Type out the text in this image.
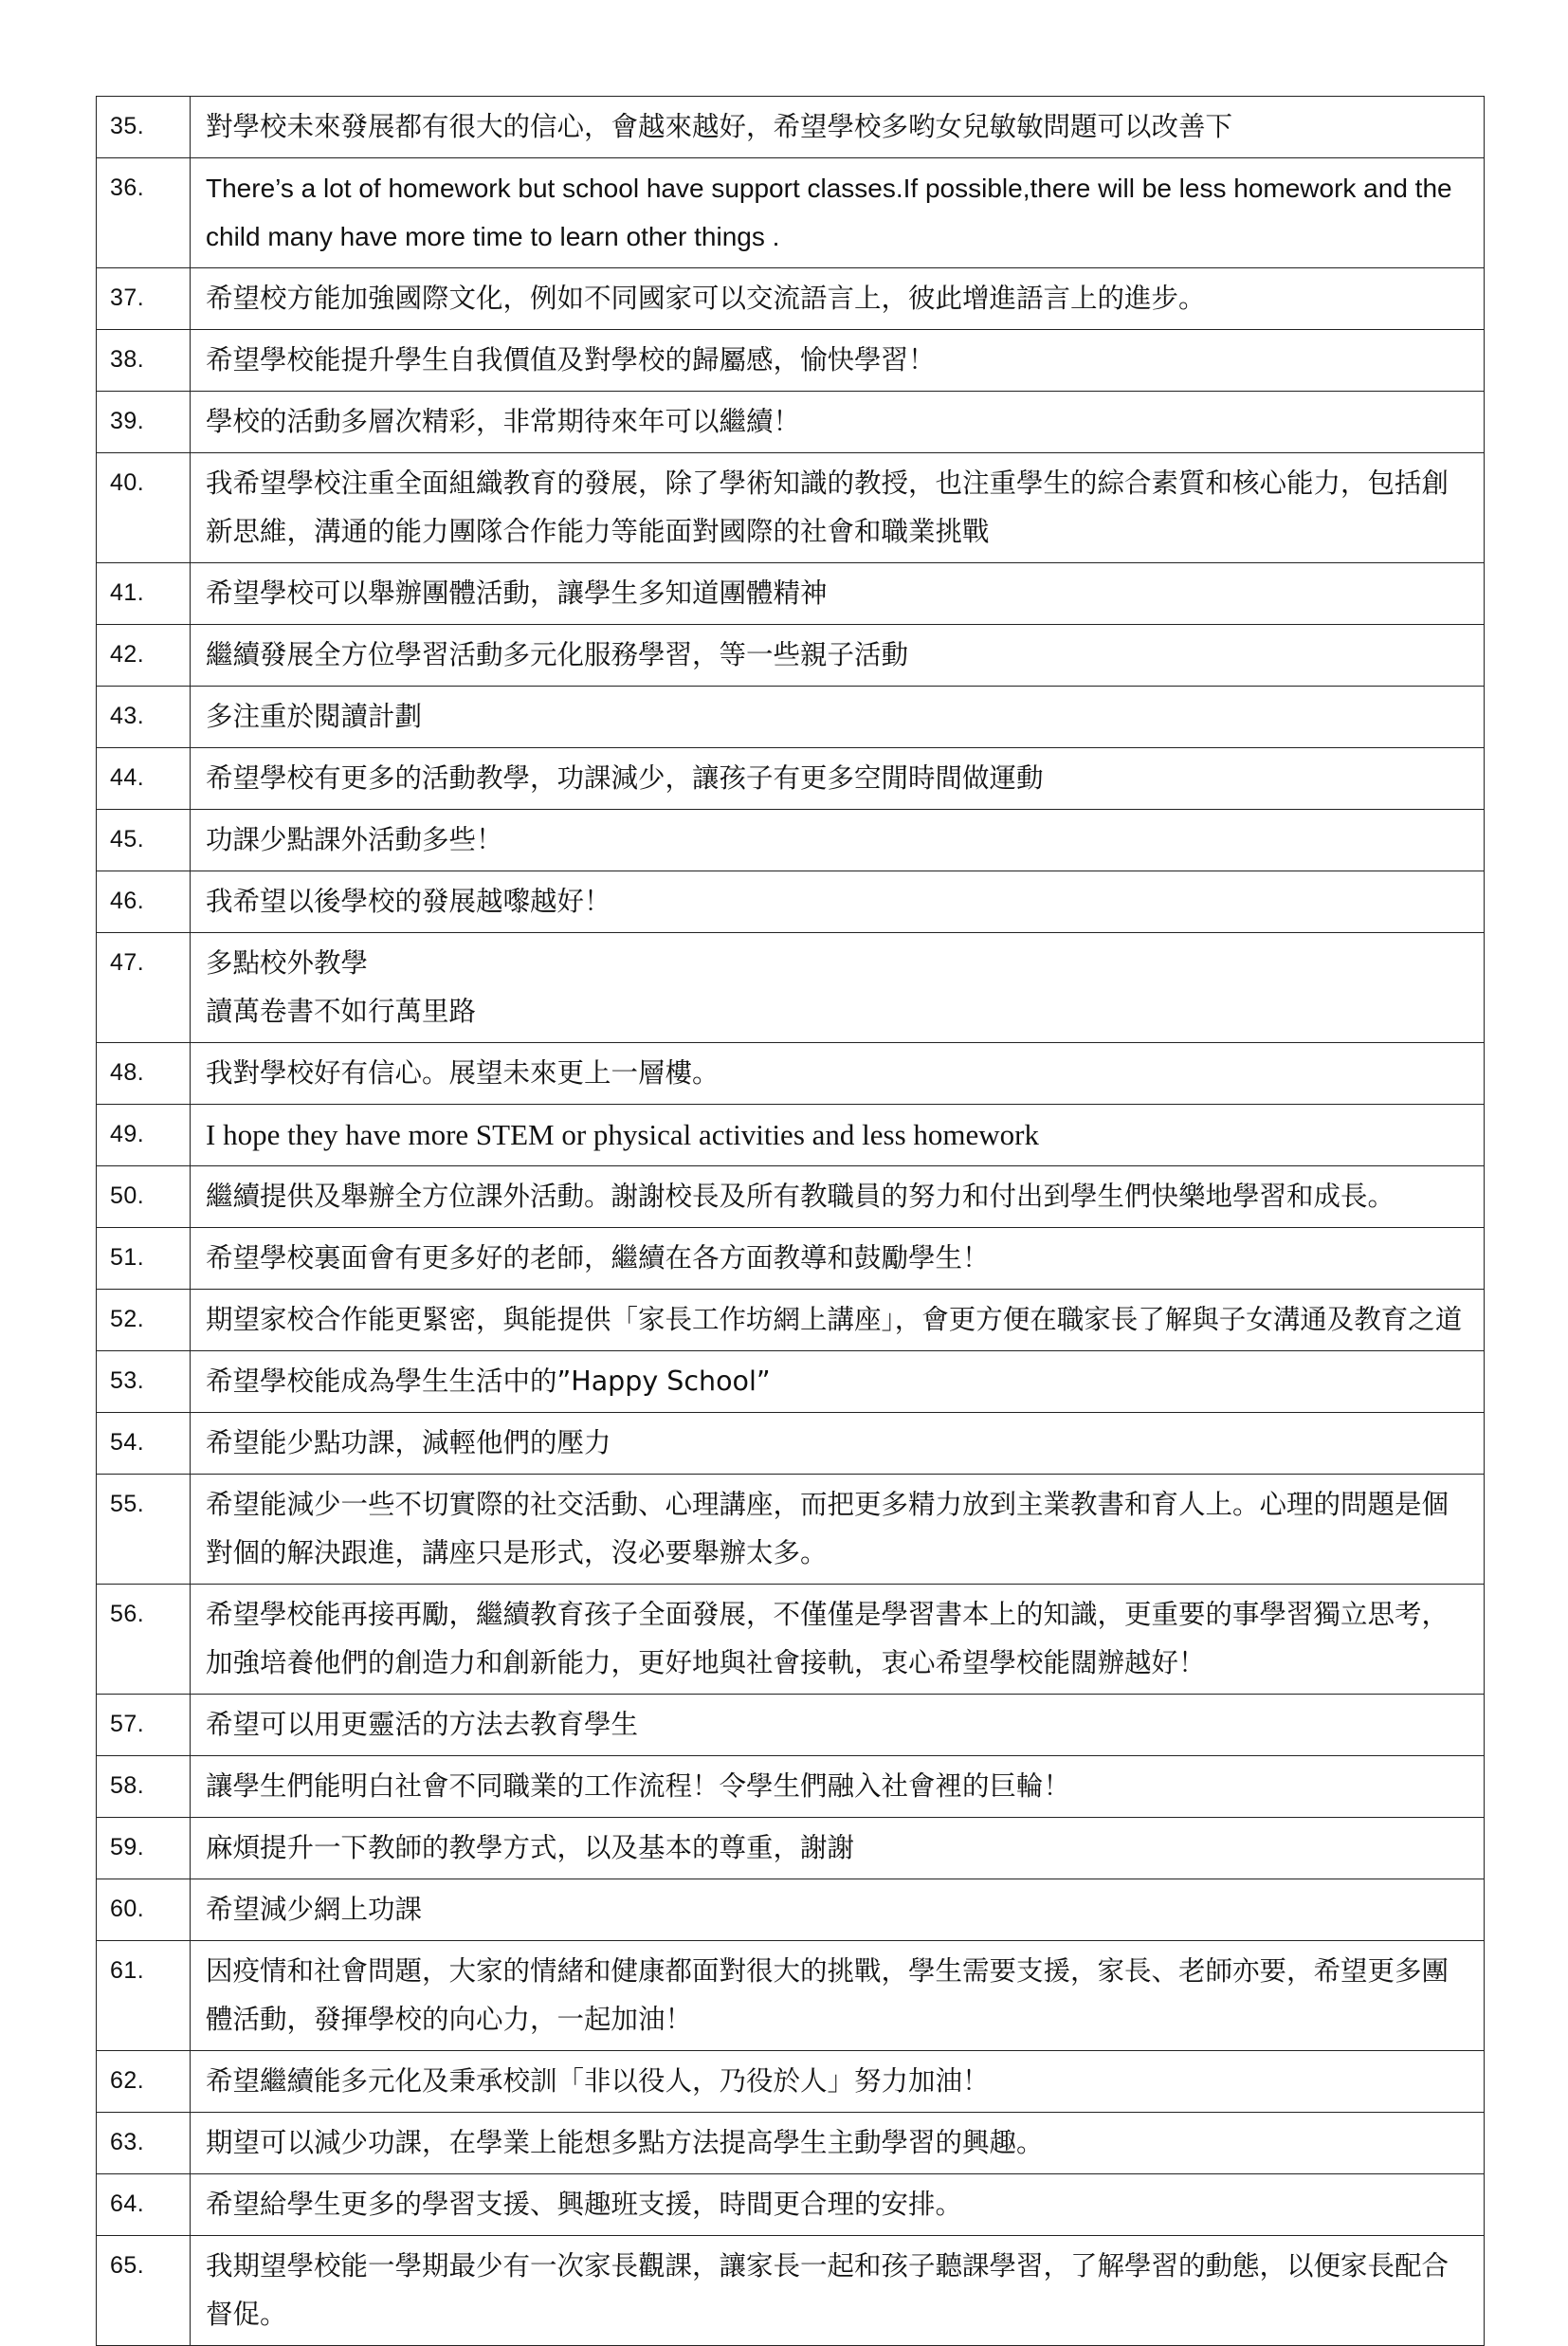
35.	對學校未來發展都有很大的信心，會越來越好，希望學校多哟女兒敏敏問題可以改善下
36.	There’s a lot of homework but school have support classes.If possible,there will be less homework and the child many have more time to learn other things .
37.	希望校方能加強國際文化，例如不同國家可以交流語言上，彼此增進語言上的進步。
38.	希望學校能提升學生自我價值及對學校的歸屬感，愉快學習！
39.	學校的活動多層次精彩，非常期待來年可以繼續！
40.	我希望學校注重全面組織教育的發展，除了學術知識的教授，也注重學生的綜合素質和核心能力，包括創新思維，溝通的能力團隊合作能力等能面對國際的社會和職業挑戰
41.	希望學校可以舉辦團體活動，讓學生多知道團體精神
42.	繼續發展全方位學習活動多元化服務學習，等一些親子活動
43.	多注重於閱讀計劃
44.	希望學校有更多的活動教學，功課減少，讓孩子有更多空閒時間做運動
45.	功課少點課外活動多些！
46.	我希望以後學校的發展越嚟越好！
47.	多點校外教學
讀萬卷書不如行萬里路
48.	我對學校好有信心。展望未來更上一層樓。
49.	I hope they have more STEM or physical activities and less homework
50.	繼續提供及舉辦全方位課外活動。謝謝校長及所有教職員的努力和付出到學生們快樂地學習和成長。
51.	希望學校裏面會有更多好的老師，繼續在各方面教導和鼓勵學生！
52.	期望家校合作能更緊密，與能提供「家長工作坊網上講座」，會更方便在職家長了解與子女溝通及教育之道
53.	希望學校能成為學生生活中的”Happy School”
54.	希望能少點功課，減輕他們的壓力
55.	希望能減少一些不切實際的社交活動、心理講座，而把更多精力放到主業教書和育人上。心理的問題是個對個的解決跟進，講座只是形式，沒必要舉辦太多。
56.	希望學校能再接再勵，繼續教育孩子全面發展，不僅僅是學習書本上的知識，更重要的事學習獨立思考，加強培養他們的創造力和創新能力，更好地與社會接軌，衷心希望學校能闊辦越好！
57.	希望可以用更靈活的方法去教育學生
58.	讓學生們能明白社會不同職業的工作流程！令學生們融入社會裡的巨輪！
59.	麻煩提升一下教師的教學方式，以及基本的尊重，謝謝
60.	希望減少網上功課
61.	因疫情和社會問題，大家的情緒和健康都面對很大的挑戰，學生需要支援，家長、老師亦要，希望更多團體活動，發揮學校的向心力，一起加油！
62.	希望繼續能多元化及秉承校訓「非以役人，乃役於人」努力加油！
63.	期望可以減少功課，在學業上能想多點方法提高學生主動學習的興趣。
64.	希望給學生更多的學習支援、興趣班支援，時間更合理的安排。
65.	我期望學校能一學期最少有一次家長觀課，讓家長一起和孩子聽課學習，了解學習的動態，以便家長配合督促。
